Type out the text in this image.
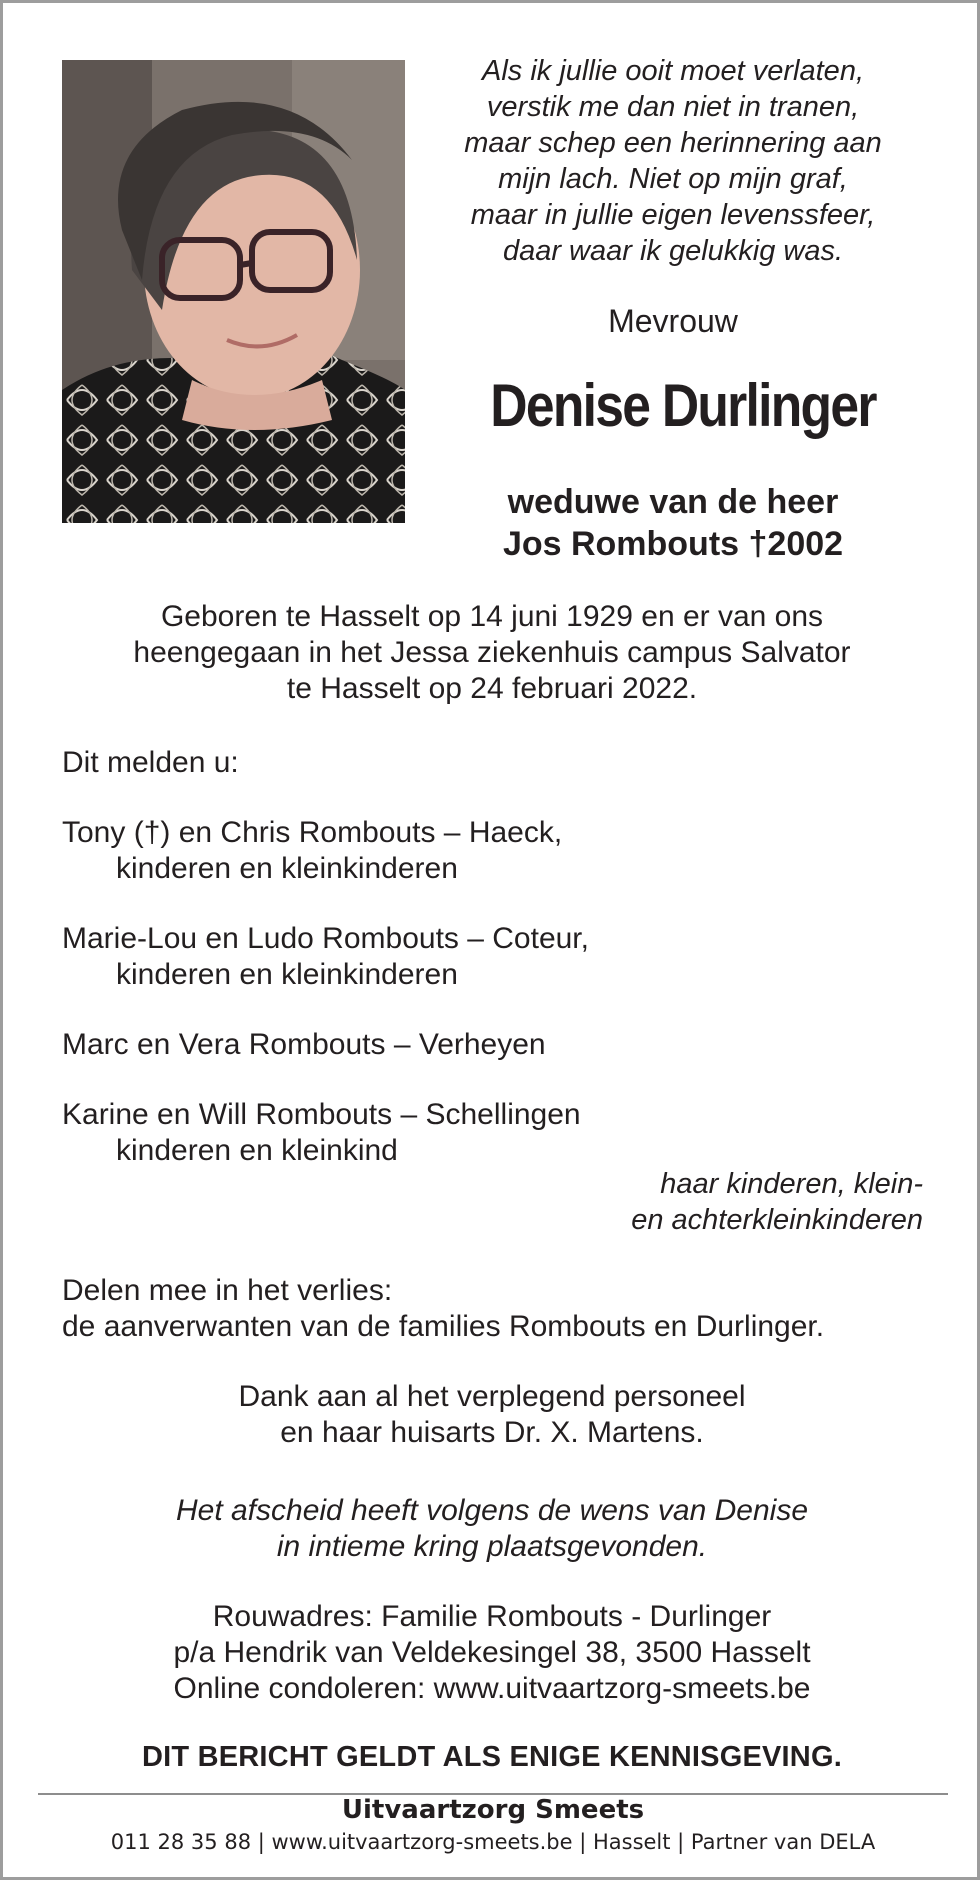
Als ik jullie ooit moet verlaten,
verstik me dan niet in tranen,
maar schep een herinnering aan
mijn lach. Niet op mijn graf,
maar in jullie eigen levenssfeer,
daar waar ik gelukkig was.
Mevrouw
Denise Durlinger
weduwe van de heer
Jos Rombouts †2002
Geboren te Hasselt op 14 juni 1929 en er van ons
heengegaan in het Jessa ziekenhuis campus Salvator
te Hasselt op 24 februari 2022.
Dit melden u:
Tony (†) en Chris Rombouts – Haeck,
kinderen en kleinkinderen
Marie-Lou en Ludo Rombouts – Coteur,
kinderen en kleinkinderen
Marc en Vera Rombouts – Verheyen
Karine en Will Rombouts – Schellingen
kinderen en kleinkind
haar kinderen, klein-
en achterkleinkinderen
Delen mee in het verlies:
de aanverwanten van de families Rombouts en Durlinger.
Dank aan al het verplegend personeel
en haar huisarts Dr. X. Martens.
Het afscheid heeft volgens de wens van Denise
in intieme kring plaatsgevonden.
Rouwadres: Familie Rombouts - Durlinger
p/a Hendrik van Veldekesingel 38, 3500 Hasselt
Online condoleren: www.uitvaartzorg-smeets.be
DIT BERICHT GELDT ALS ENIGE KENNISGEVING.
Uitvaartzorg Smeets
011 28 35 88 | www.uitvaartzorg-smeets.be | Hasselt | Partner van DELA
